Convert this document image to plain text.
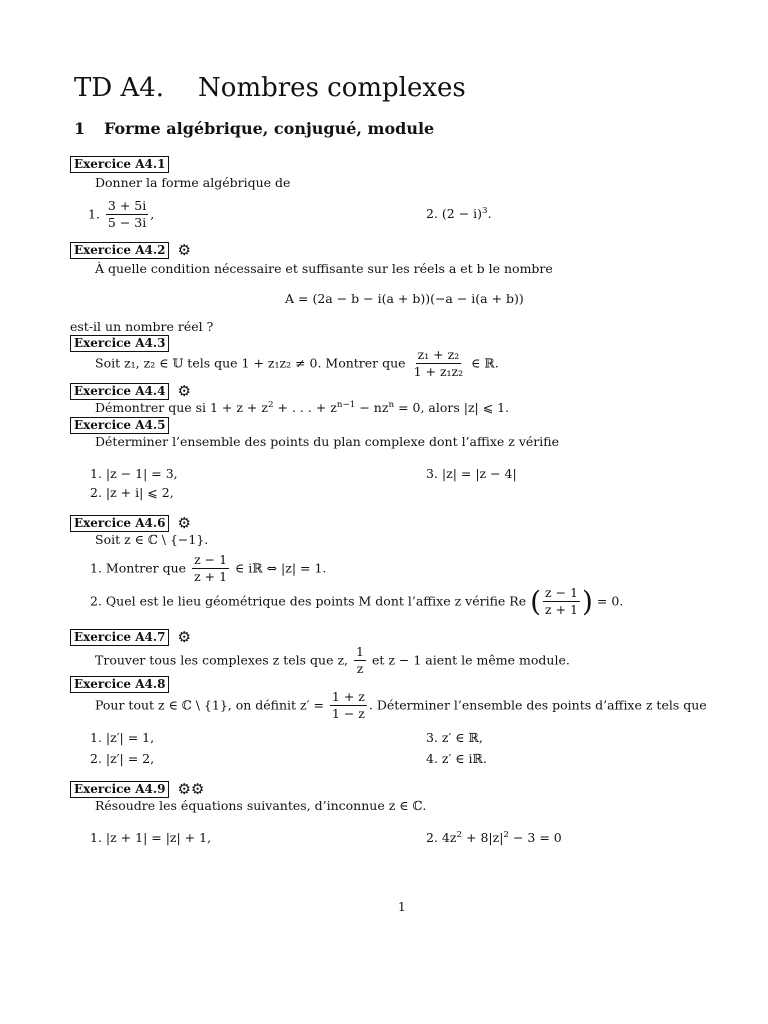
TD A4. Nombres complexes
1 Forme algébrique, conjugué, module
Exercice A4.1
Donner la forme algébrique de
1. $\frac{3 + 5i}{5 - 3i}$ ,	2. $(2 - i)^3$.
Exercice A4.2 ⚙
À quelle condition nécessaire et suffisante sur les réels a et b le nombre
A = (2a − b − i(a + b))(−a − i(a + b))
est-il un nombre réel ?
Exercice A4.3
Soit z₁, z₂ ∈ 𝕌 tels que 1 + z₁z₂ ≠ 0. Montrer que $\frac{\text{z₁ + z₂}}{\text{1 + z₁z₂}}$ ∈ ℝ.
Exercice A4.4 ⚙
Démontrer que si $1 + z + z^2$ + . . . + $z^{n-1} - nz^n = 0$, alors |z| ⩽ 1.
Exercice A4.5
Déterminer l’ensemble des points du plan complexe dont l’affixe z vérifie
1. |z − 1| = 3,
2. |z + i| ⩽ 2,
3. |z| = |z − 4|
Exercice A4.6 ⚙
Soit z ∈ ℂ \ {−1}.
1. Montrer que $\frac{z - 1}{z + 1}$ ∈ iℝ ⇔ |z| = 1.
2. Quel est le lieu géométrique des points M dont l’affixe z vérifie Re ( $\frac{z - 1}{z + 1}$ ) = 0.
Exercice A4.7 ⚙
Trouver tous les complexes z tels que z, $\frac{1}{z}$ et z − 1 aient le même module.
Exercice A4.8
Pour tout z ∈ ℂ \ {1}, on définit $z' = \frac{1 + z}{1 - z}$ . Déterminer l’ensemble des points d’affixe z tels que
1. |z′| = 1,
2. |z′| = 2,
3. z′ ∈ ℝ,
4. z′ ∈ iℝ.
Exercice A4.9 ⚙⚙
Résoudre les équations suivantes, d’inconnue z ∈ ℂ.
1. |z + 1| = |z| + 1,	2. $4z^2 + 8|z|^2 - 3 = 0$
1
